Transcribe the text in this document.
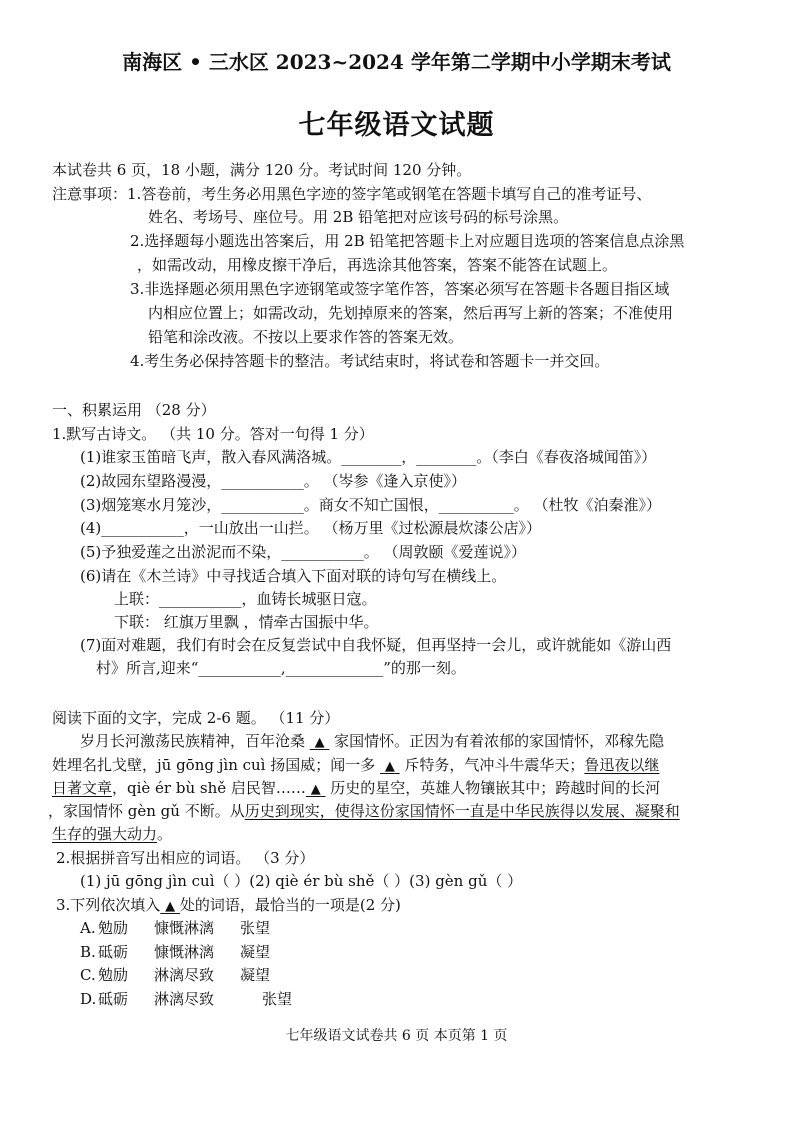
南海区 • 三水区 2023~2024 学年第二学期中小学期末考试
七年级语文试题
本试卷共 6 页，18 小题，满分 120 分。考试时间 120 分钟。
注意事项：1.答卷前，考生务必用黑色字迹的签字笔或钢笔在答题卡填写自己的准考证号、
姓名、考场号、座位号。用 2B 铅笔把对应该号码的标号涂黑。
2.选择题每小题选出答案后，用 2B 铅笔把答题卡上对应题目选项的答案信息点涂黑
，如需改动，用橡皮擦干净后，再选涂其他答案，答案不能答在试题上。
3.非选择题必须用黑色字迹钢笔或签字笔作答，答案必须写在答题卡各题目指区域
内相应位置上；如需改动，先划掉原来的答案，然后再写上新的答案；不准使用
铅笔和涂改液。不按以上要求作答的答案无效。
4.考生务必保持答题卡的整洁。考试结束时，将试卷和答题卡一并交回。
一、积累运用 （28 分）
1.默写古诗文。 （共 10 分。答对一句得 1 分）
(1)谁家玉笛暗飞声，散入春风满洛城。________，________。（李白《春夜洛城闻笛》）
(2)故园东望路漫漫，___________。 （岑参《逢入京使》）
(3)烟笼寒水月笼沙，___________。商女不知亡国恨，__________。 （杜牧《泊秦淮》）
(4)___________，一山放出一山拦。 （杨万里《过松源晨炊漆公店》）
(5)予独爱莲之出淤泥而不染，___________。 （周敦颐《爱莲说》）
(6)请在《木兰诗》中寻找适合填入下面对联的诗句写在横线上。
上联：___________，血铸长城驱日寇。
下联： 红旗万里飘 ，情牵古国振中华。
(7)面对难题，我们有时会在反复尝试中自我怀疑，但再坚持一会儿，或许就能如《游山西
村》所言,迎来“___________,_____________”的那一刻。
阅读下面的文字，完成 2-6 题。 （11 分）
岁月长河激荡民族精神，百年沧桑  ▲  家国情怀。正因为有着浓郁的家国情怀，邓稼先隐
姓埋名扎戈壁，jū gōng jìn cuì 扬国威；闻一多  ▲  斥特务，气冲斗牛震华天；鲁迅夜以继
日著文章，qiè ér bù shě 启民智…… ▲  历史的星空，英雄人物镶嵌其中；跨越时间的长河
，家国情怀 gèn gǔ 不断。从历史到现实，使得这份家国情怀一直是中华民族得以发展、凝聚和
生存的强大动力。
2.根据拼音写出相应的词语。 （3 分）
(1) jū gōng jìn cuì（ ）(2) qiè ér bù shě（ ）(3) gèn gǔ（ ）
3.下列依次填入 ▲ 处的词语，最恰当的一项是(2 分)
A. 勉励 慷慨淋漓 张望
B. 砥砺 慷慨淋漓 凝望
C. 勉励 淋漓尽致 凝望
D. 砥砺 淋漓尽致	张望
七年级语文试卷共 6 页 本页第 1 页
